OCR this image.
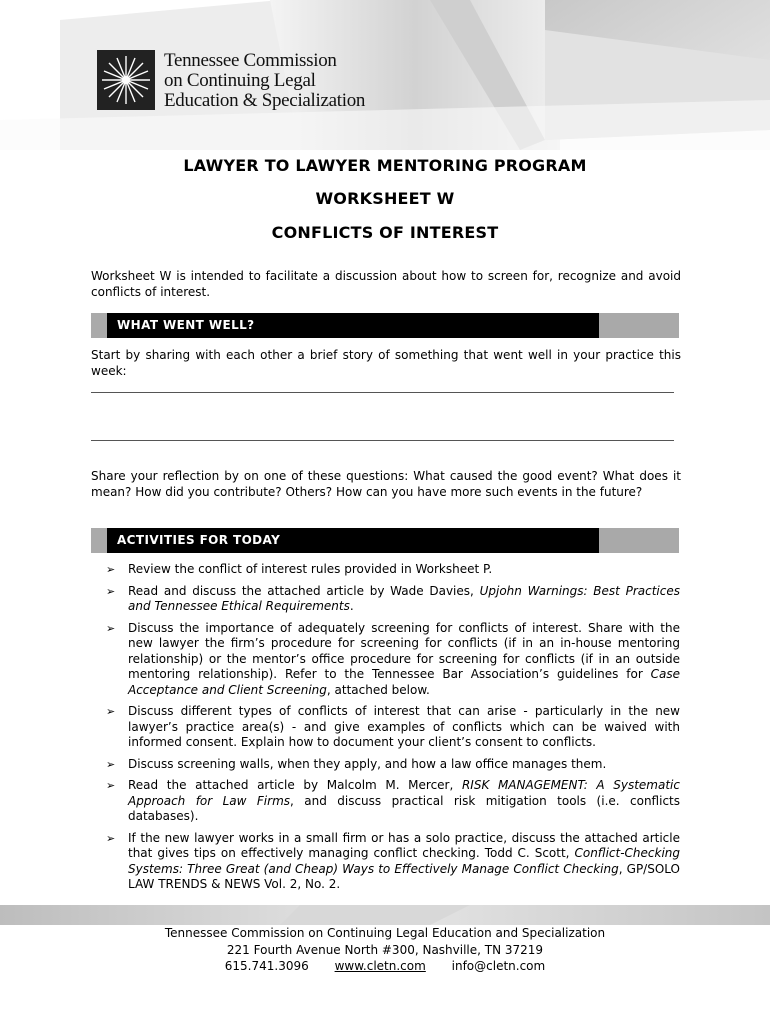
Tennessee Commission
on Continuing Legal
Education & Specialization
LAWYER TO LAWYER MENTORING PROGRAM
WORKSHEET W
CONFLICTS OF INTEREST
Worksheet W is intended to facilitate a discussion about how to screen for, recognize and avoid conflicts of interest.
WHAT WENT WELL?
Start by sharing with each other a brief story of something that went well in your practice this week:
Share your reflection by on one of these questions: What caused the good event? What does it mean? How did you contribute? Others? How can you have more such events in the future?
ACTIVITIES FOR TODAY
➢ Review the conflict of interest rules provided in Worksheet P.
➢ Read and discuss the attached article by Wade Davies, Upjohn Warnings: Best Practices and Tennessee Ethical Requirements.
➢ Discuss the importance of adequately screening for conflicts of interest. Share with the new lawyer the firm’s procedure for screening for conflicts (if in an in-house mentoring relationship) or the mentor’s office procedure for screening for conflicts (if in an outside mentoring relationship). Refer to the Tennessee Bar Association’s guidelines for Case Acceptance and Client Screening, attached below.
➢ Discuss different types of conflicts of interest that can arise - particularly in the new lawyer’s practice area(s) - and give examples of conflicts which can be waived with informed consent. Explain how to document your client’s consent to conflicts.
➢ Discuss screening walls, when they apply, and how a law office manages them.
➢ Read the attached article by Malcolm M. Mercer, RISK MANAGEMENT: A Systematic Approach for Law Firms, and discuss practical risk mitigation tools (i.e. conflicts databases).
➢ If the new lawyer works in a small firm or has a solo practice, discuss the attached article that gives tips on effectively managing conflict checking. Todd C. Scott, Conflict-Checking Systems: Three Great (and Cheap) Ways to Effectively Manage Conflict Checking, GP/SOLO LAW TRENDS & NEWS Vol. 2, No. 2.
Tennessee Commission on Continuing Legal Education and Specialization
221 Fourth Avenue North #300, Nashville, TN 37219
615.741.3096 www.cletn.com info@cletn.com
